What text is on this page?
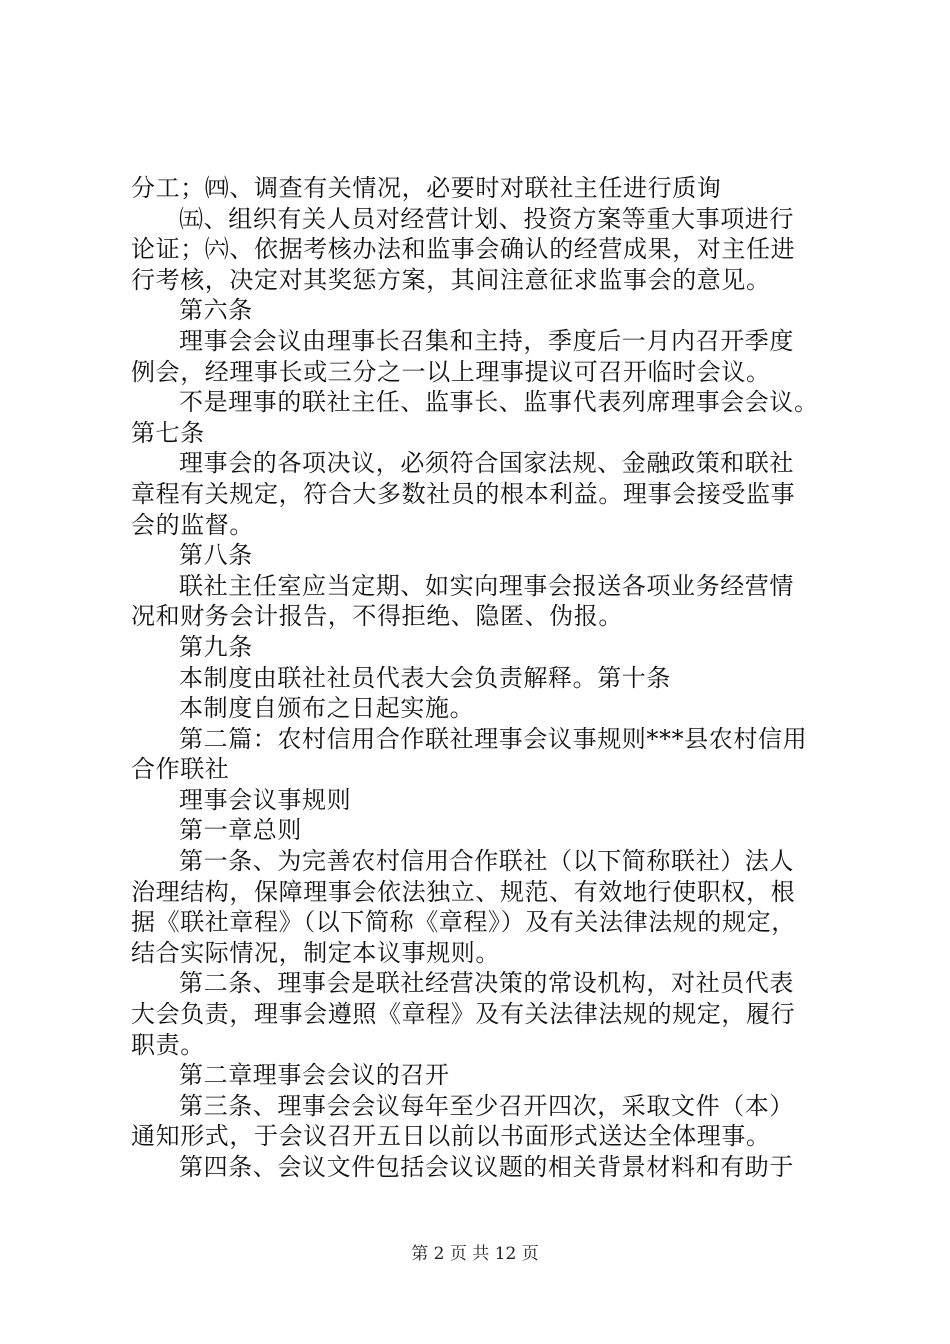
分工；㈣、调查有关情况，必要时对联社主任进行质询
㈤、组织有关人员对经营计划、投资方案等重大事项进行
论证；㈥、依据考核办法和监事会确认的经营成果，对主任进
行考核，决定对其奖惩方案，其间注意征求监事会的意见。
第六条
理事会会议由理事长召集和主持，季度后一月内召开季度
例会，经理事长或三分之一以上理事提议可召开临时会议。
不是理事的联社主任、监事长、监事代表列席理事会会议。
第七条
理事会的各项决议，必须符合国家法规、金融政策和联社
章程有关规定，符合大多数社员的根本利益。理事会接受监事
会的监督。
第八条
联社主任室应当定期、如实向理事会报送各项业务经营情
况和财务会计报告，不得拒绝、隐匿、伪报。
第九条
本制度由联社社员代表大会负责解释。第十条
本制度自颁布之日起实施。
第二篇：农村信用合作联社理事会议事规则***县农村信用
合作联社
理事会议事规则
第一章总则
第一条、为完善农村信用合作联社（以下简称联社）法人
治理结构，保障理事会依法独立、规范、有效地行使职权，根
据《联社章程》（以下简称《章程》）及有关法律法规的规定，
结合实际情况，制定本议事规则。
第二条、理事会是联社经营决策的常设机构，对社员代表
大会负责，理事会遵照《章程》及有关法律法规的规定，履行
职责。
第二章理事会会议的召开
第三条、理事会会议每年至少召开四次，采取文件（本）
通知形式，于会议召开五日以前以书面形式送达全体理事。
第四条、会议文件包括会议议题的相关背景材料和有助于
第 2 页 共 12 页
